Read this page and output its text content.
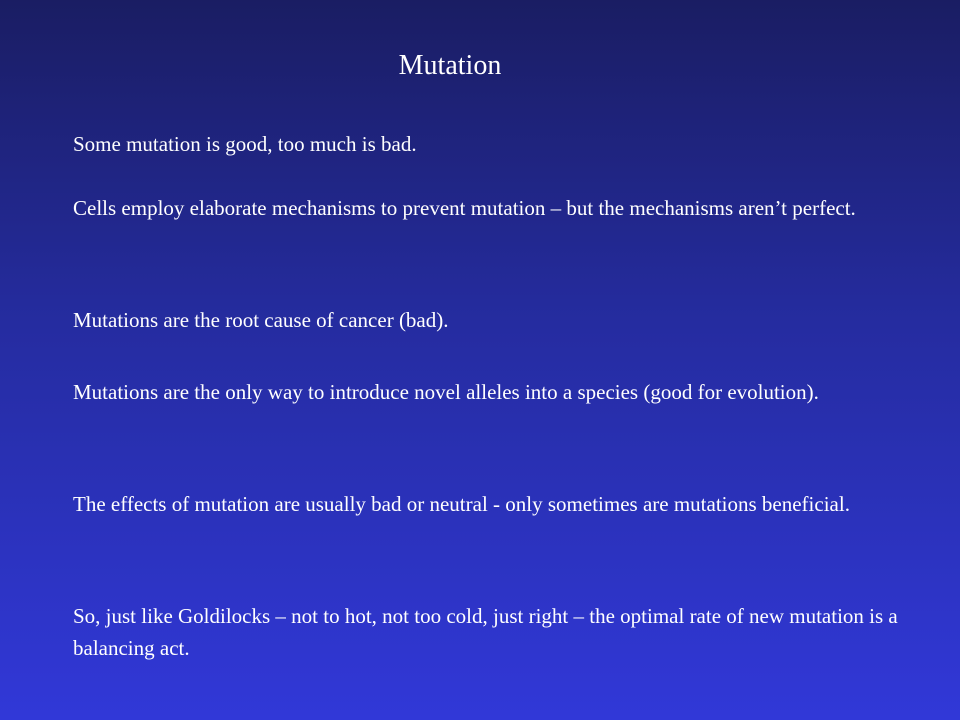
Mutation

Some mutation is good, too much is bad.

Cells employ elaborate mechanisms to prevent mutation – but the mechanisms aren’t perfect.

Mutations are the root cause of cancer (bad).

Mutations are the only way to introduce novel alleles into a species (good for evolution).

The effects of mutation are usually bad or neutral - only sometimes are mutations beneficial.

So, just like Goldilocks – not to hot, not too cold, just right – the optimal rate of new mutation is a balancing act.
